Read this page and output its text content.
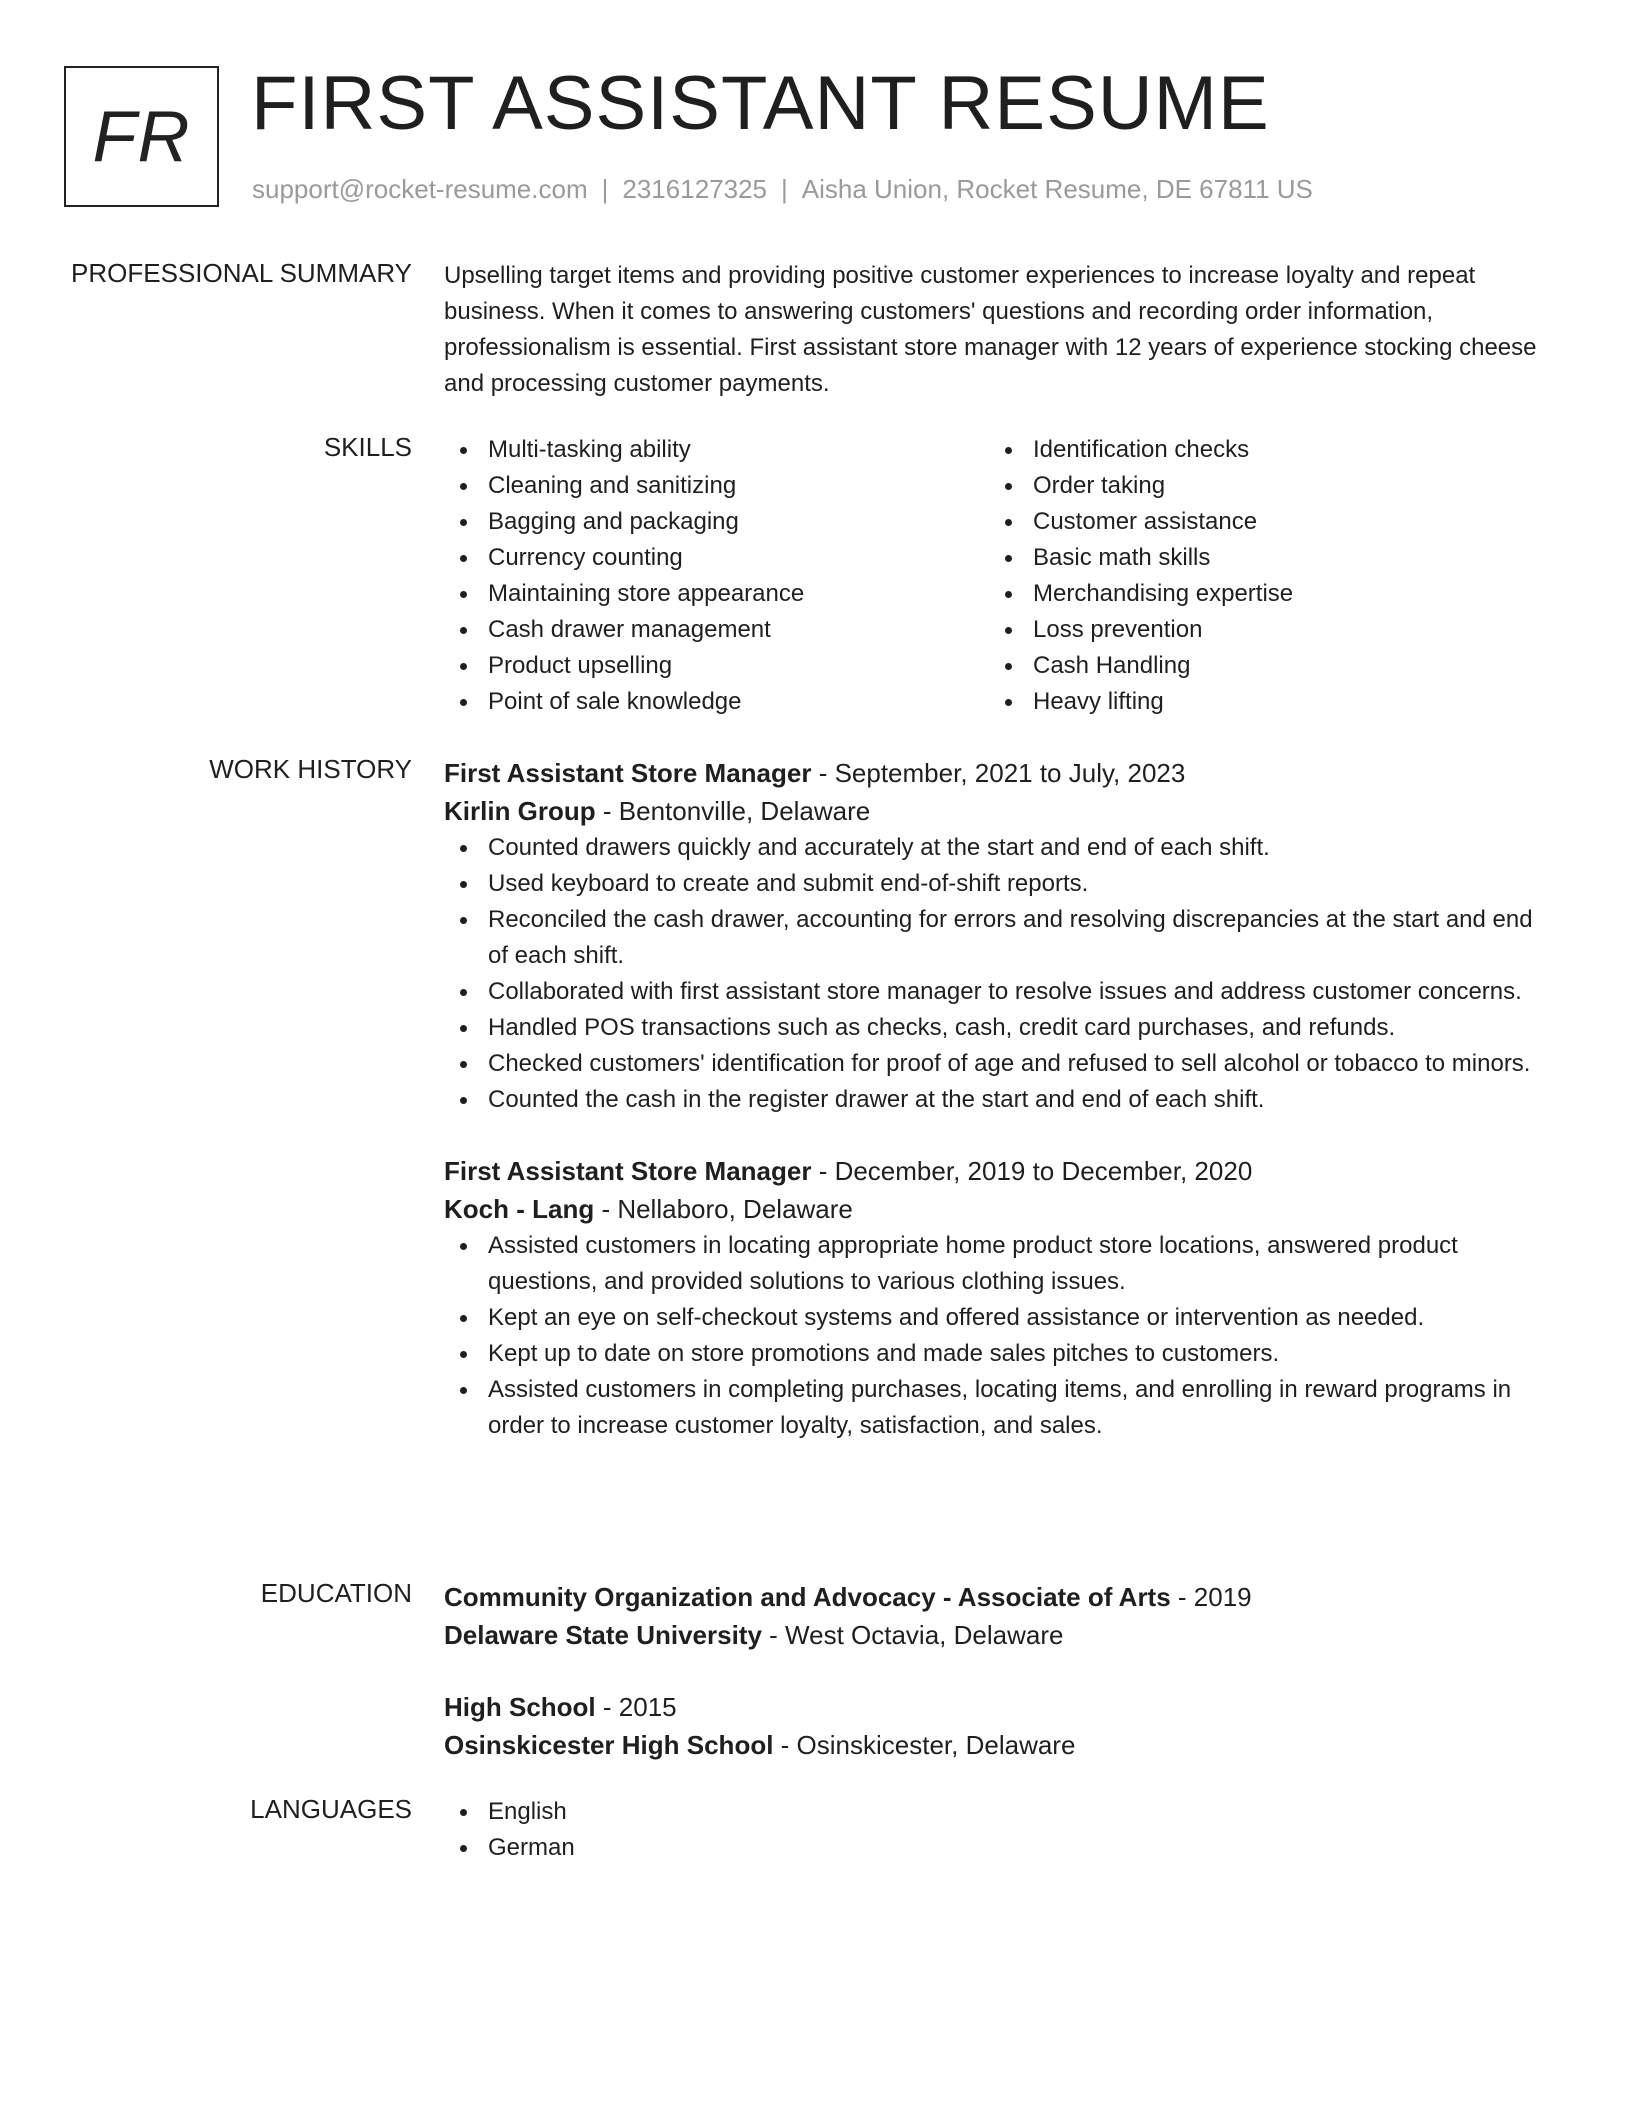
FR FIRST ASSISTANT RESUME
support@rocket-resume.com | 2316127325 | Aisha Union, Rocket Resume, DE 67811 US
PROFESSIONAL SUMMARY Upselling target items and providing positive customer experiences to increase loyalty and repeat business. When it comes to answering customers' questions and recording order information, professionalism is essential. First assistant store manager with 12 years of experience stocking cheese and processing customer payments.

SKILLS	Multi-tasking ability
Cleaning and sanitizing
Bagging and packaging
Currency counting
Maintaining store appearance
Cash drawer management
Product upselling
Point of sale knowledge
Identification checks
Order taking
Customer assistance
Basic math skills
Merchandising expertise
Loss prevention
Cash Handling
Heavy lifting
WORK HISTORY First Assistant Store Manager - September, 2021 to July, 2023
Kirlin Group - Bentonville, Delaware
Counted drawers quickly and accurately at the start and end of each shift.
Used keyboard to create and submit end-of-shift reports.
Reconciled the cash drawer, accounting for errors and resolving discrepancies at the start and end of each shift.
Collaborated with first assistant store manager to resolve issues and address customer concerns.
Handled POS transactions such as checks, cash, credit card purchases, and refunds.
Checked customers' identification for proof of age and refused to sell alcohol or tobacco to minors.
Counted the cash in the register drawer at the start and end of each shift.
First Assistant Store Manager - December, 2019 to December, 2020
Koch - Lang - Nellaboro, Delaware
Assisted customers in locating appropriate home product store locations, answered product questions, and provided solutions to various clothing issues.
Kept an eye on self-checkout systems and offered assistance or intervention as needed.
Kept up to date on store promotions and made sales pitches to customers.
Assisted customers in completing purchases, locating items, and enrolling in reward programs in order to increase customer loyalty, satisfaction, and sales.
EDUCATION Community Organization and Advocacy - Associate of Arts - 2019
Delaware State University - West Octavia, Delaware
High School - 2015
Osinskicester High School - Osinskicester, Delaware
LANGUAGES	English
German
